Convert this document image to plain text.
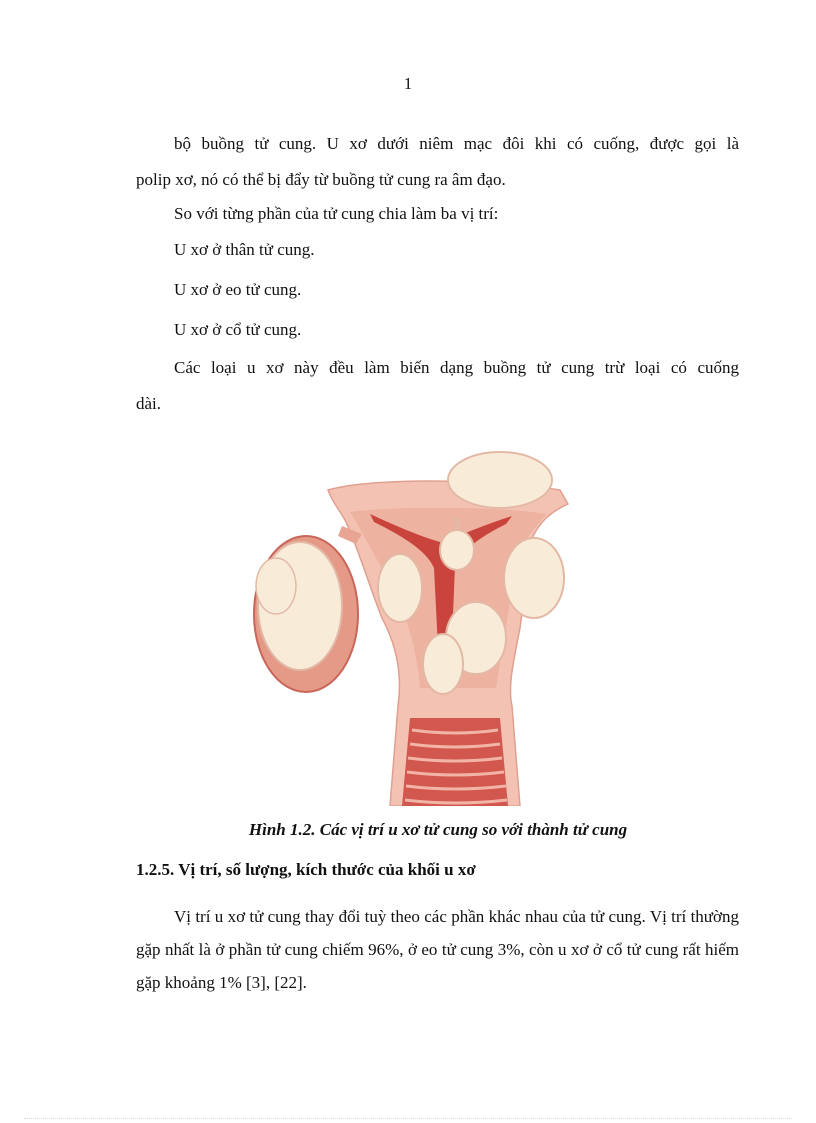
1
bộ buồng tử cung. U xơ dưới niêm mạc đôi khi có cuống, được gọi là
polip xơ, nó có thể bị đẩy từ buồng tử cung ra âm đạo.

So với từng phần của tử cung chia làm ba vị trí:

U xơ ở thân tử cung.

U xơ ở eo tử cung.

U xơ ở cổ tử cung.

Các loại u xơ này đều làm biến dạng buồng tử cung trừ loại có cuống
dài.
Hình 1.2. Các vị trí u xơ tử cung so với thành tử cung
1.2.5. Vị trí, số lượng, kích thước của khối u xơ

Vị trí u xơ tử cung thay đổi tuỳ theo các phần khác nhau của tử cung. Vị trí thường gặp nhất là ở phần tử cung chiếm 96%, ở eo tử cung 3%, còn u xơ ở cổ tử cung rất hiếm gặp khoảng 1% [3], [22].
